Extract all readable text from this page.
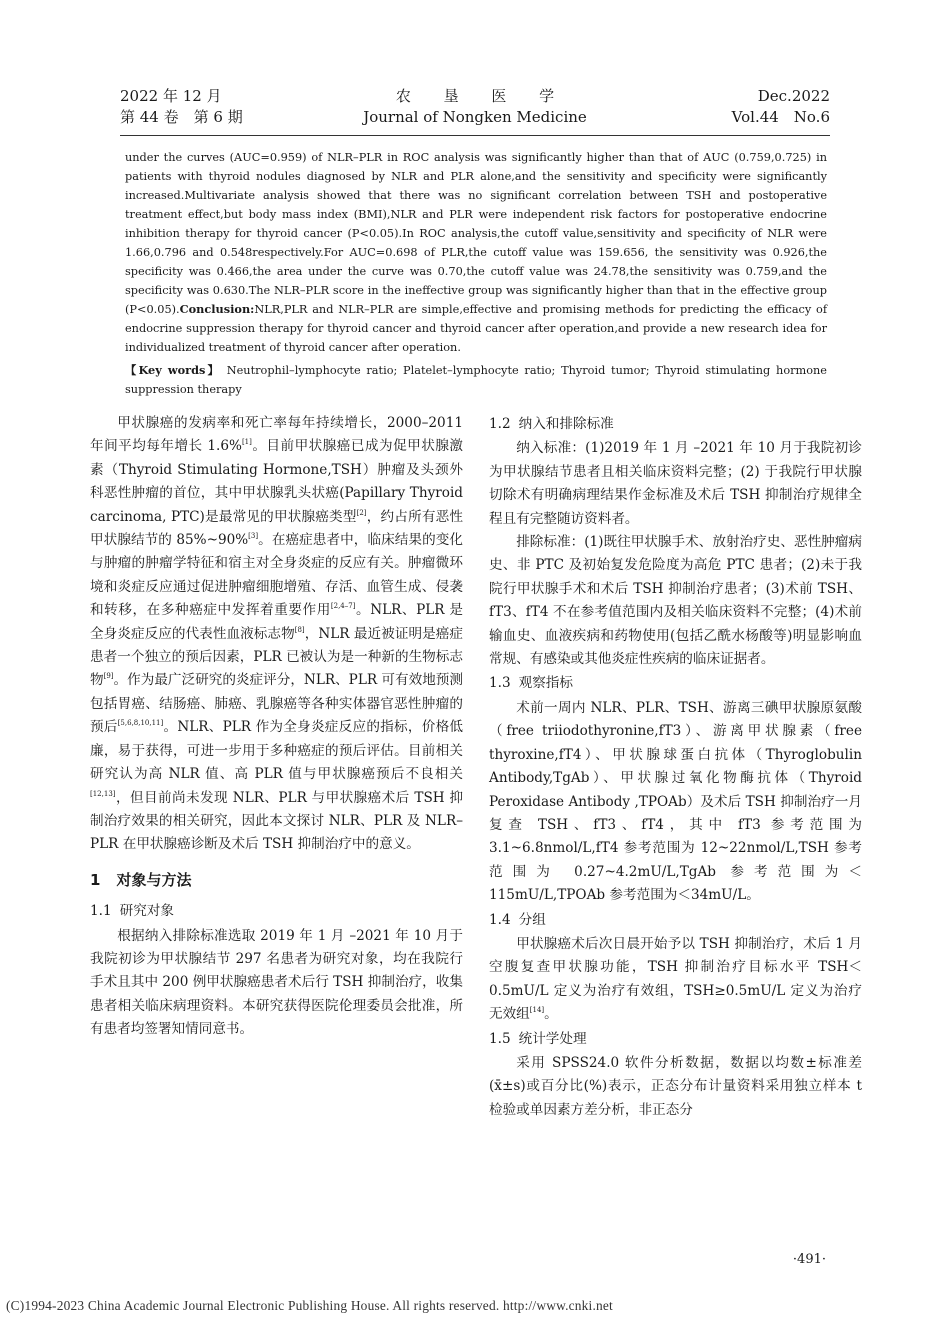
2022 年 12 月
第 44 卷　第 6 期
农 垦 医 学
Journal of Nongken Medicine
Dec.2022
Vol.44　No.6

under the curves (AUC=0.959) of NLR–PLR in ROC analysis was significantly higher than that of AUC (0.759,0.725) in patients with thyroid nodules diagnosed by NLR and PLR alone,and the sensitivity and specificity were significantly increased.Multivariate analysis showed that there was no significant correlation between TSH and postoperative treatment effect,but body mass index (BMI),NLR and PLR were independent risk factors for postoperative endocrine inhibition therapy for thyroid cancer (P<0.05).In ROC analysis,the cutoff value,sensitivity and specificity of NLR were 1.66,0.796 and 0.548respectively.For AUC=0.698 of PLR,the cutoff value was 159.656, the sensitivity was 0.926,the specificity was 0.466,the area under the curve was 0.70,the cutoff value was 24.78,the sensitivity was 0.759,and the specificity was 0.630.The NLR–PLR score in the ineffective group was significantly higher than that in the effective group (P<0.05).Conclusion:NLR,PLR and NLR–PLR are simple,effective and promising methods for predicting the efficacy of endocrine suppression therapy for thyroid cancer and thyroid cancer after operation,and provide a new research idea for individualized treatment of thyroid cancer after operation.

【Key words】 Neutrophil–lymphocyte ratio; Platelet–lymphocyte ratio; Thyroid tumor; Thyroid stimulating hormone suppression therapy

甲状腺癌的发病率和死亡率每年持续增长，2000–2011 年间平均每年增长 1.6%[1]。目前甲状腺癌已成为促甲状腺激素（Thyroid Stimulating Hormone,TSH）肿瘤及头颈外科恶性肿瘤的首位，其中甲状腺乳头状癌(Papillary Thyroid carcinoma, PTC)是最常见的甲状腺癌类型[2]，约占所有恶性甲状腺结节的 85%~90%[3]。在癌症患者中，临床结果的变化与肿瘤的肿瘤学特征和宿主对全身炎症的反应有关。肿瘤微环境和炎症反应通过促进肿瘤细胞增殖、存活、血管生成、侵袭和转移，在多种癌症中发挥着重要作用[2,4–7]。NLR、PLR 是全身炎症反应的代表性血液标志物[8]，NLR 最近被证明是癌症患者一个独立的预后因素，PLR 已被认为是一种新的生物标志物[9]。作为最广泛研究的炎症评分，NLR、PLR 可有效地预测包括胃癌、结肠癌、肺癌、乳腺癌等各种实体器官恶性肿瘤的预后[5,6,8,10,11]。NLR、PLR 作为全身炎症反应的指标，价格低廉，易于获得，可进一步用于多种癌症的预后评估。目前相关研究认为高 NLR 值、高 PLR 值与甲状腺癌预后不良相关[12,13]，但目前尚未发现 NLR、PLR 与甲状腺癌术后 TSH 抑制治疗效果的相关研究，因此本文探讨 NLR、PLR 及 NLR–PLR 在甲状腺癌诊断及术后 TSH 抑制治疗中的意义。

1 对象与方法

1.1 研究对象

根据纳入排除标准选取 2019 年 1 月 –2021 年 10 月于我院初诊为甲状腺结节 297 名患者为研究对象，均在我院行手术且其中 200 例甲状腺癌患者术后行 TSH 抑制治疗，收集患者相关临床病理资料。本研究获得医院伦理委员会批准，所有患者均签署知情同意书。

1.2 纳入和排除标准

纳入标准：(1)2019 年 1 月 –2021 年 10 月于我院初诊为甲状腺结节患者且相关临床资料完整；(2) 于我院行甲状腺切除术有明确病理结果作金标准及术后 TSH 抑制治疗规律全程且有完整随访资料者。

排除标准：(1)既往甲状腺手术、放射治疗史、恶性肿瘤病史、非 PTC 及初始复发危险度为高危 PTC 患者；(2)未于我院行甲状腺手术和术后 TSH 抑制治疗患者；(3)术前 TSH、fT3、fT4 不在参考值范围内及相关临床资料不完整；(4)术前输血史、血液疾病和药物使用(包括乙酰水杨酸等)明显影响血常规、有感染或其他炎症性疾病的临床证据者。

1.3 观察指标

术前一周内 NLR、PLR、TSH、游离三碘甲状腺原氨酸（free triiodothyronine,fT3）、游离甲状腺素（free thyroxine,fT4）、甲状腺球蛋白抗体（Thyroglobulin Antibody,TgAb）、甲状腺过氧化物酶抗体（Thyroid Peroxidase Antibody ,TPOAb）及术后 TSH 抑制治疗一月复查 TSH、fT3、fT4，其中 fT3 参考范围为 3.1~6.8nmol/L,fT4 参考范围为 12~22nmol/L,TSH 参考范围为 0.27~4.2mU/L,TgAb 参考范围为＜115mU/L,TPOAb 参考范围为＜34mU/L。

1.4 分组

甲状腺癌术后次日晨开始予以 TSH 抑制治疗，术后 1 月空腹复查甲状腺功能，TSH 抑制治疗目标水平 TSH＜0.5mU/L 定义为治疗有效组，TSH≥0.5mU/L 定义为治疗无效组[14]。

1.5 统计学处理

采用 SPSS24.0 软件分析数据，数据以均数±标准差(x̄±s)或百分比(%)表示，正态分布计量资料采用独立样本 t 检验或单因素方差分析，非正态分

·491·
(C)1994-2023 China Academic Journal Electronic Publishing House. All rights reserved. http://www.cnki.net
